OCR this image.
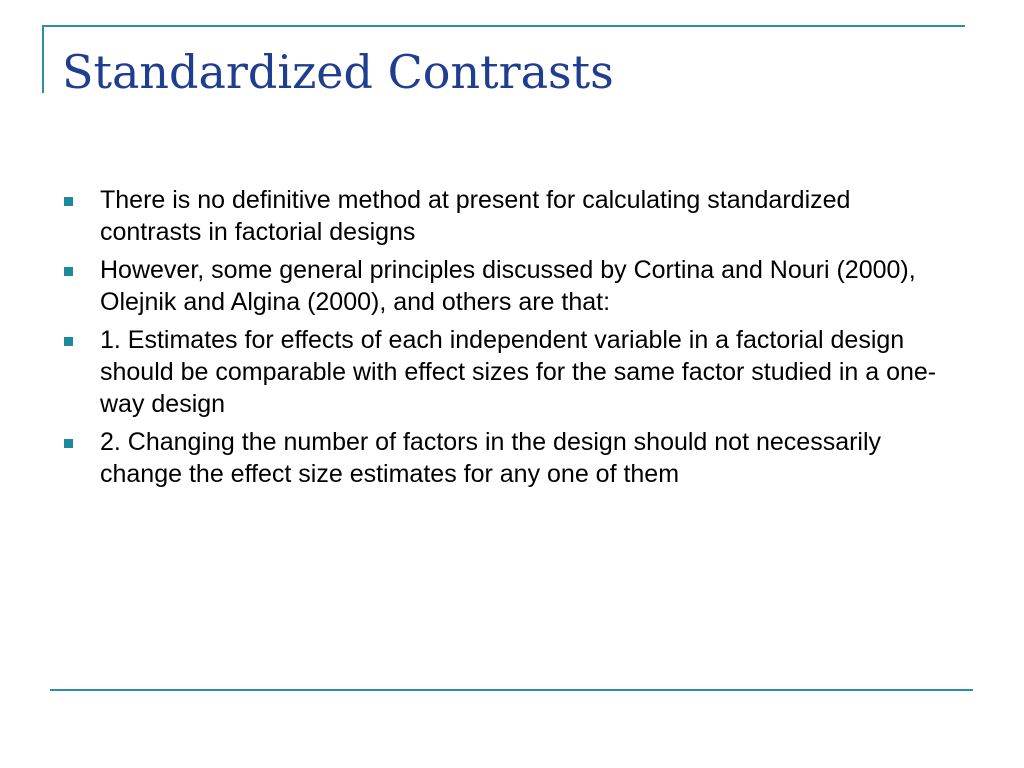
Standardized Contrasts
There is no definitive method at present for calculating standardized contrasts in factorial designs
However, some general principles discussed by Cortina and Nouri (2000), Olejnik and Algina (2000), and others are that:
1. Estimates for effects of each independent variable in a factorial design should be comparable with effect sizes for the same factor studied in a one-way design
2. Changing the number of factors in the design should not necessarily change the effect size estimates for any one of them
